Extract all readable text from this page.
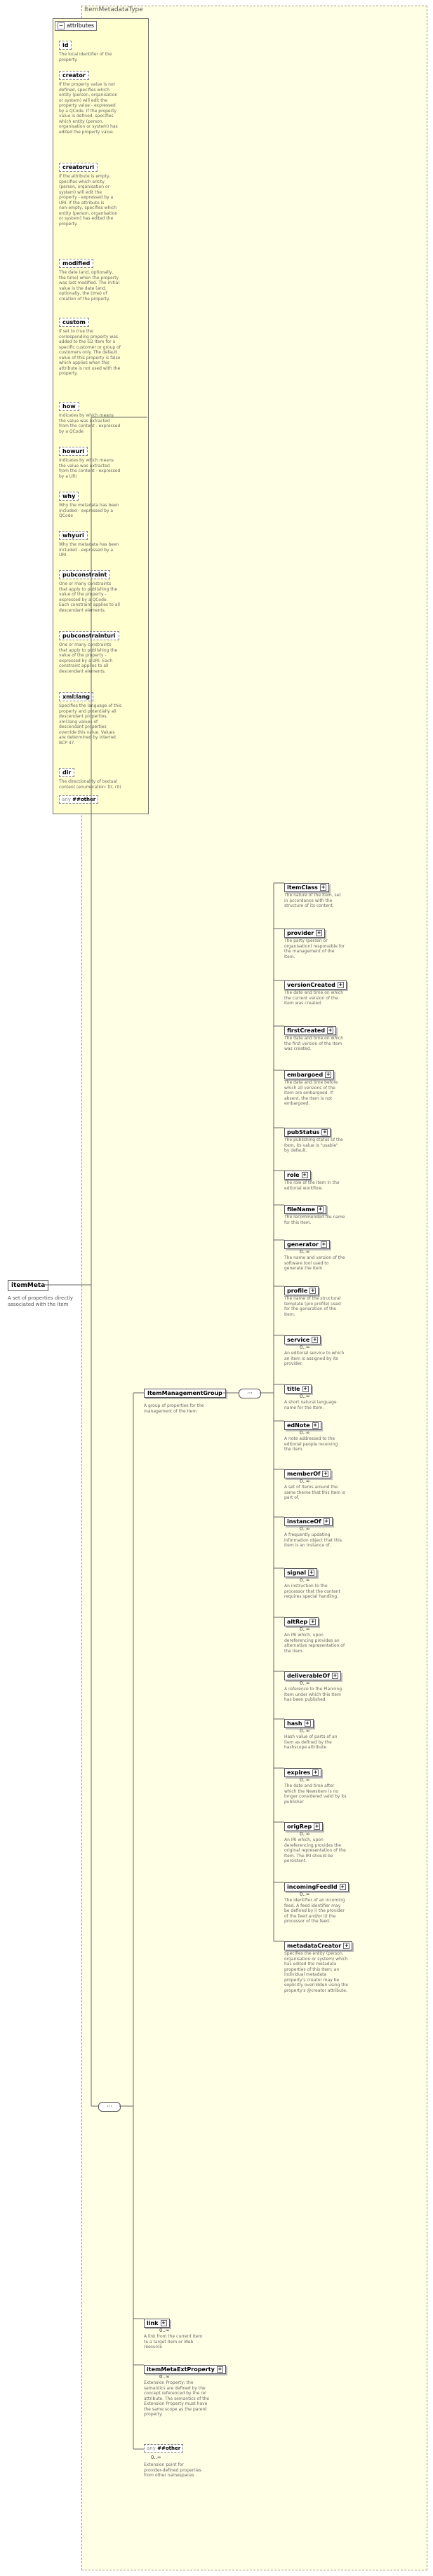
ItemMetadataType
− attributes
id
The local identifier of the
property.
creator
If the property value is not
defined, specifies which
entity (person, organisation
or system) will edit the
property value - expressed
by a QCode. If the property
value is defined, specifies
which entity (person,
organisation or system) has
edited the property value.
creatoruri
If the attribute is empty,
specifies which entity
(person, organisation or
system) will edit the
property - expressed by a
URI. If the attribute is
non-empty, specifies which
entity (person, organisation
or system) has edited the
property.
modified
The date (and, optionally,
the time) when the property
was last modified. The initial
value is the date (and,
optionally, the time) of
creation of the property.
custom
If set to true the
corresponding property was
added to the G2 Item for a
specific customer or group of
customers only. The default
value of this property is false
which applies when this
attribute is not used with the
property.
how
Indicates by which means
the value was extracted
from the content - expressed
by a QCode
howuri
Indicates by which means
the value was extracted
from the content - expressed
by a URI
why
Why the metadata has been
included - expressed by a
QCode
whyuri
Why the metadata has been
included - expressed by a
URI
pubconstraint
One or many constraints
that apply to publishing the
value of the property -
expressed by a QCode.
Each constraint applies to all
descendant elements.
pubconstrainturi
One or many constraints
that apply to publishing the
value of the property -
expressed by a URI. Each
constraint applies to all
descendant elements.
xml:lang
Specifies the language of this
property and potentially all
descendant properties.
xml:lang values of
descendant properties
override this value. Values
are determined by Internet
BCP 47.
dir
The directionality of textual
content (enumeration: ltr, rtl)
any ##other
itemMeta
A set of properties directly
associated with the Item
···
ItemManagementGroup
A group of properties for the
management of the Item
···
itemClass +
The nature of the Item, set
in accordance with the
structure of its content.
provider +
The party (person or
organisation) responsible for
the management of the
Item.
versionCreated +
The date and time on which
the current version of the
Item was created.
firstCreated +
The date and time on which
the first version of the Item
was created.
embargoed +
The date and time before
which all versions of the
Item are embargoed. If
absent, the Item is not
embargoed.
pubStatus +
The publishing status of the
Item, its value is "usable"
by default.
role +
The role of the Item in the
editorial workflow.
fileName +
The recommended file name
for this Item.
generator +
0..∞
The name and version of the
software tool used to
generate the Item.
profile +
The name of the structural
template (pro profile) used
for the generation of the
Item.
service +
0..∞
An editorial service to which
an item is assigned by its
provider.
title +
0..∞
A short natural language
name for the Item.
edNote +
0..∞
A note addressed to the
editorial people receiving
the Item.
memberOf +
0..∞
A set of Items around the
same theme that this Item is
part of.
instanceOf +
0..∞
A frequently updating
information object that this
Item is an instance of.
signal +
0..∞
An instruction to the
processor that the content
requires special handling.
altRep +
0..∞
An IRI which, upon
dereferencing provides an
alternative representation of
the Item.
deliverableOf +
0..∞
A reference to the Planning
Item under which this Item
has been published
hash +
0..∞
Hash value of parts of an
item as defined by the
hashscope attribute
expires +
0..∞
The date and time after
which the NewsItem is no
longer considered valid by its
publisher
origRep +
0..∞
An IRI which, upon
dereferencing provides the
original representation of the
Item. The IRI should be
persistent.
incomingFeedId +
0..∞
The identifier of an incoming
feed. A feed identifier may
be defined by i) the provider
of the feed and/or ii) the
processor of the feed.
metadataCreator +
Specifies the entity (person,
organisation or system) which
has edited the metadata
properties of this Item; an
individual metadata
property's creator may be
explicitly overridden using the
property's @creator attribute.
link +
0..∞
A link from the current Item
to a target Item or Web
resource
itemMetaExtProperty +
0..∞
Extension Property; the
semantics are defined by the
concept referenced by the rel
attribute. The semantics of the
Extension Property must have
the same scope as the parent
property.
any ##other
0..∞
Extension point for
provider-defined properties
from other namespaces
